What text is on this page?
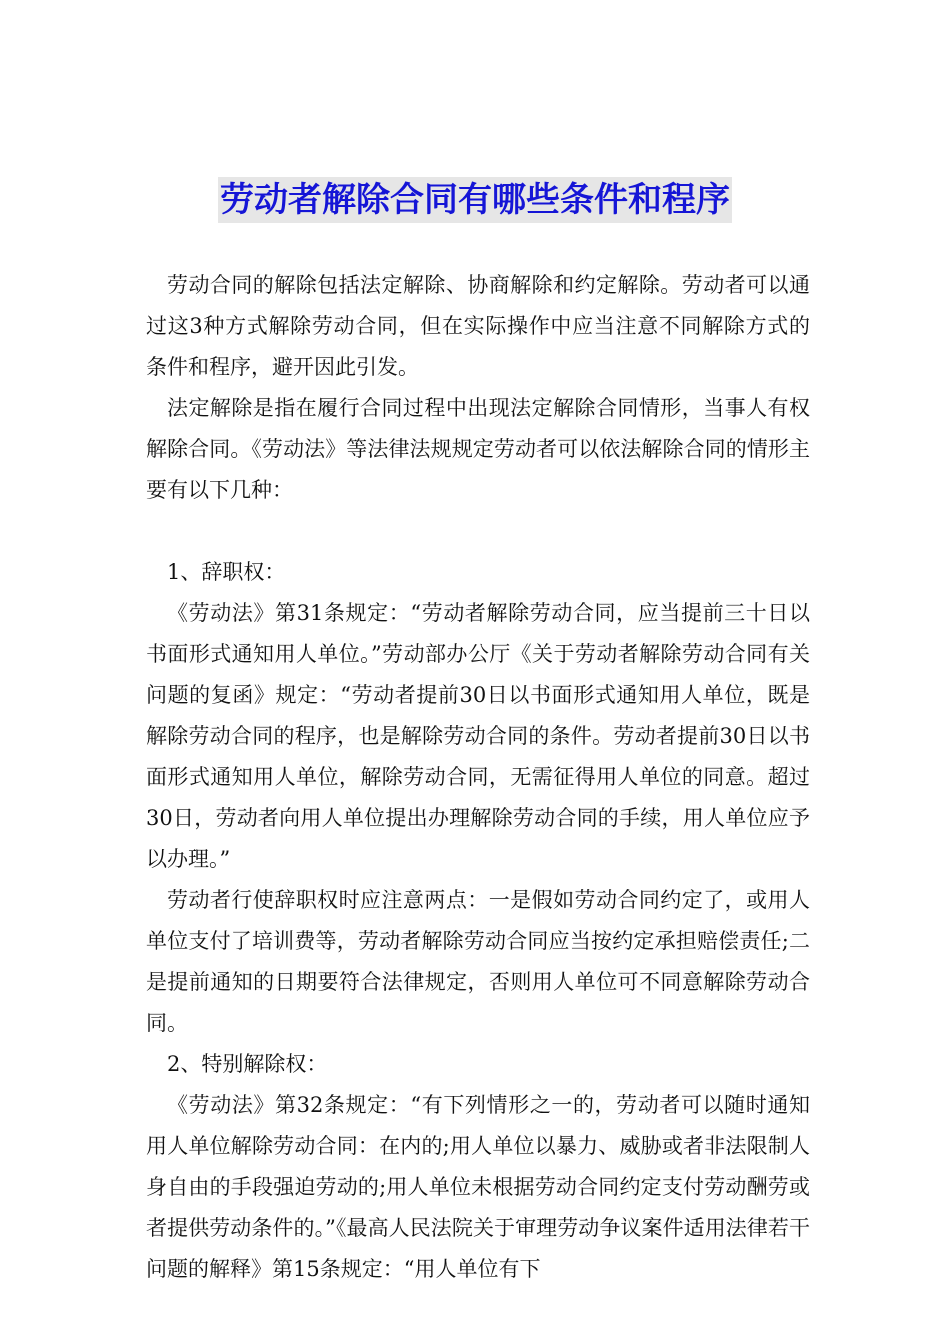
劳动者解除合同有哪些条件和程序

劳动合同的解除包括法定解除、协商解除和约定解除。劳动者可以通过这3种方式解除劳动合同，但在实际操作中应当注意不同解除方式的条件和程序，避开因此引发。

法定解除是指在履行合同过程中出现法定解除合同情形，当事人有权解除合同。《劳动法》等法律法规规定劳动者可以依法解除合同的情形主要有以下几种：

1、辞职权：

《劳动法》第31条规定：“劳动者解除劳动合同，应当提前三十日以书面形式通知用人单位。”劳动部办公厅《关于劳动者解除劳动合同有关问题的复函》规定：“劳动者提前30日以书面形式通知用人单位，既是解除劳动合同的程序，也是解除劳动合同的条件。劳动者提前30日以书面形式通知用人单位，解除劳动合同，无需征得用人单位的同意。超过30日，劳动者向用人单位提出办理解除劳动合同的手续，用人单位应予以办理。”

劳动者行使辞职权时应注意两点：一是假如劳动合同约定了，或用人单位支付了培训费等，劳动者解除劳动合同应当按约定承担赔偿责任;二是提前通知的日期要符合法律规定，否则用人单位可不同意解除劳动合同。

2、特别解除权：

《劳动法》第32条规定：“有下列情形之一的，劳动者可以随时通知用人单位解除劳动合同：在内的;用人单位以暴力、威胁或者非法限制人身自由的手段强迫劳动的;用人单位未根据劳动合同约定支付劳动酬劳或者提供劳动条件的。”《最高人民法院关于审理劳动争议案件适用法律若干问题的解释》第15条规定：“用人单位有下
